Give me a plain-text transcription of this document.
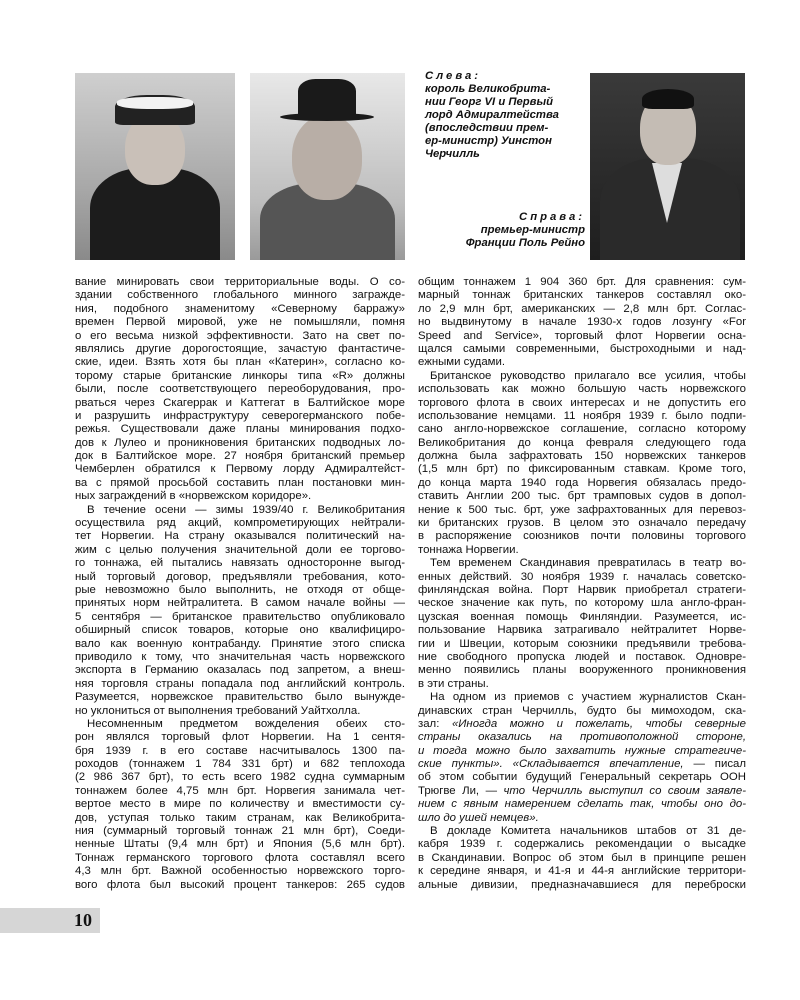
Слева:
король Великобрита-
нии Георг VI и Первый
лорд Адмиралтейства
(впоследствии прем-
ер-министр) Уинстон
Черчилль
Справа:
премьер-министр
Франции Поль Рейно
вание минировать свои территориальные воды. О со-
здании собственного глобального минного загражде-
ния, подобного знаменитому «Северному барражу»
времен Первой мировой, уже не помышляли, помня
о его весьма низкой эффективности. Зато на свет по-
являлись другие дорогостоящие, зачастую фантастиче-
ские, идеи. Взять хотя бы план «Катерин», согласно ко-
торому старые британские линкоры типа «R» должны
были, после соответствующего переоборудования, про-
рваться через Скагеррак и Каттегат в Балтийское море
и разрушить инфраструктуру северогерманского побе-
режья. Существовали даже планы минирования подхо-
дов к Лулео и проникновения британских подводных ло-
док в Балтийское море. 27 ноября британский премьер
Чемберлен обратился к Первому лорду Адмиралтейст-
ва с прямой просьбой составить план постановки мин-
ных заграждений в «норвежском коридоре».
В течение осени — зимы 1939/40 г. Великобритания
осуществила ряд акций, компрометирующих нейтрали-
тет Норвегии. На страну оказывался политический на-
жим с целью получения значительной доли ее торгово-
го тоннажа, ей пытались навязать одностороннe выгод-
ный торговый договор, предъявляли требования, кото-
рые невозможно было выполнить, не отходя от обще-
принятых норм нейтралитета. В самом начале войны —
5 сентября — британское правительство опубликовало
обширный список товаров, которые оно квалифициро-
вало как военную контрабанду. Принятие этого списка
приводило к тому, что значительная часть норвежского
экспорта в Германию оказалась под запретом, а внеш-
няя торговля страны попадала под английский контроль.
Разумеется, норвежское правительство было вынужде-
но уклониться от выполнения требований Уайтхолла.
Несомненным предметом вожделения обеих сто-
рон являлся торговый флот Норвегии. На 1 сентя-
бря 1939 г. в его составе насчитывалось 1300 па-
роходов (тоннажем 1 784 331 брт) и 682 теплохода
(2 986 367 брт), то есть всего 1982 судна суммарным
тоннажем более 4,75 млн брт. Норвегия занимала чет-
вертое место в мире по количеству и вместимости су-
дов, уступая только таким странам, как Великобрита-
ния (суммарный торговый тоннаж 21 млн брт), Соеди-
ненные Штаты (9,4 млн брт) и Япония (5,6 млн брт).
Тоннаж германского торгового флота составлял всего
4,3 млн брт. Важной особенностью норвежского торго-
вого флота был высокий процент танкеров: 265 судов
общим тоннажем 1 904 360 брт. Для сравнения: сум-
марный тоннаж британских танкеров составлял око-
ло 2,9 млн брт, американских — 2,8 млн брт. Соглас-
но выдвинутому в начале 1930-х годов лозунгу «For
Speed and Service», торговый флот Норвегии осна-
щался самыми современными, быстроходными и над-
ежными судами.
Британское руководство прилагало все усилия, чтобы
использовать как можно большую часть норвежского
торгового флота в своих интересах и не допустить его
использование немцами. 11 ноября 1939 г. было подпи-
сано англо-норвежское соглашение, согласно которому
Великобритания до конца февраля следующего года
должна была зафрахтовать 150 норвежских танкеров
(1,5 млн брт) по фиксированным ставкам. Кроме того,
до конца марта 1940 года Норвегия обязалась предо-
ставить Англии 200 тыс. брт трамповых судов в допол-
нение к 500 тыс. брт, уже зафрахтованных для перевоз-
ки британских грузов. В целом это означало передачу
в распоряжение союзников почти половины торгового
тоннажа Норвегии.
Тем временем Скандинавия превратилась в театр во-
енных действий. 30 ноября 1939 г. началась советско-
финляндская война. Порт Нарвик приобретал стратеги-
ческое значение как путь, по которому шла англо-фран-
цузская военная помощь Финляндии. Разумеется, ис-
пользование Нарвика затрагивало нейтралитет Норве-
гии и Швеции, которым союзники предъявили требова-
ние свободного пропуска людей и поставок. Одновре-
менно появились планы вооруженного проникновения
в эти страны.
На одном из приемов с участием журналистов Скан-
динавских стран Черчилль, будто бы мимоходом, ска-
зал: «Иногда можно и пожелать, чтобы северные
страны оказались на противоположной стороне,
и тогда можно было захватить нужные стратегиче-
ские пункты». «Складывается впечатление, — писал
об этом событии будущий Генеральный секретарь ООН
Трюгве Ли, — что Черчилль выступил со своим заявле-
нием с явным намерением сделать так, чтобы оно до-
шло до ушей немцев».
В докладе Комитета начальников штабов от 31 де-
кабря 1939 г. содержались рекомендации о высадке
в Скандинавии. Вопрос об этом был в принципе решен
к середине января, и 41-я и 44-я английские территори-
альные дивизии, предназначавшиеся для переброски
10
